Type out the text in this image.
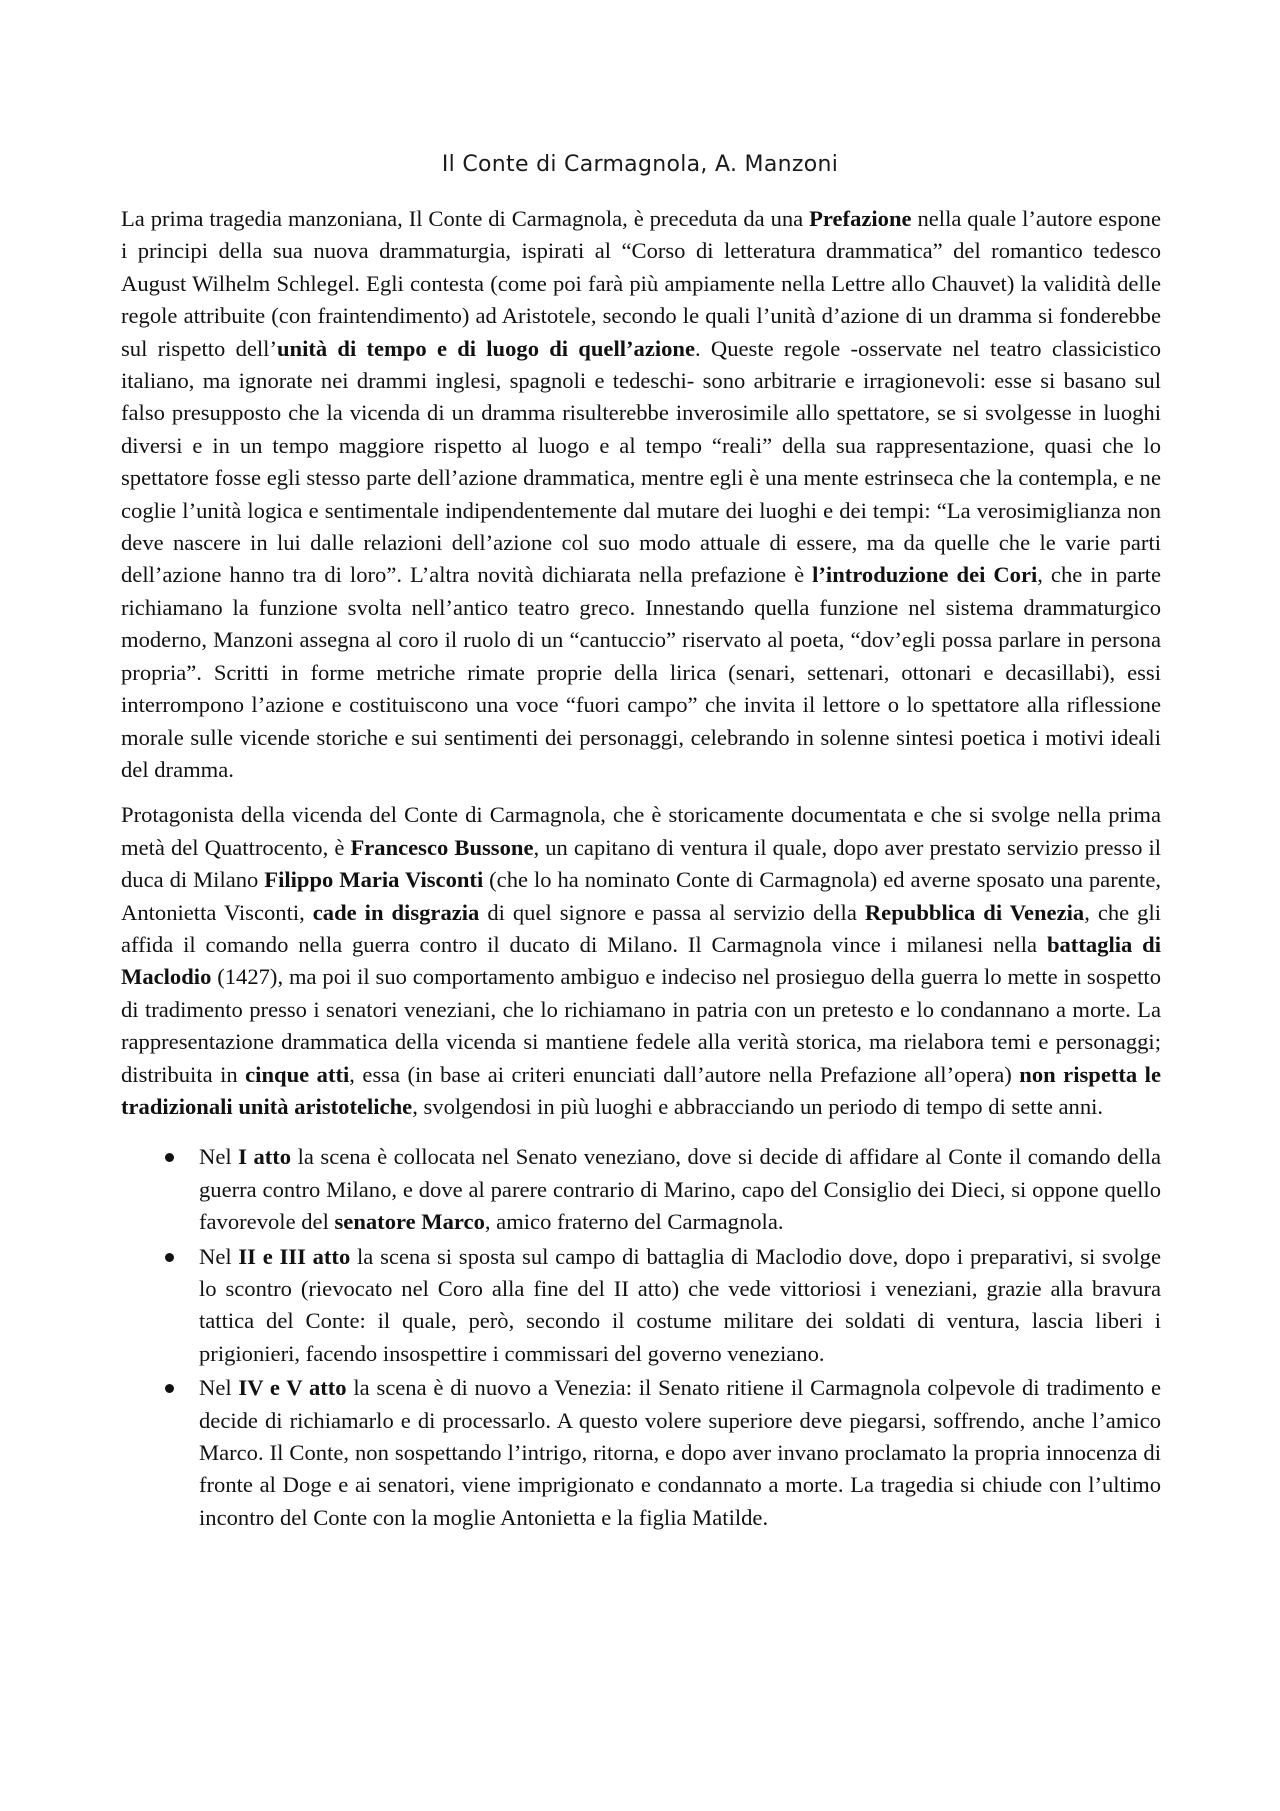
Il Conte di Carmagnola, A. Manzoni

La prima tragedia manzoniana, Il Conte di Carmagnola, è preceduta da una Prefazione nella quale l’autore espone i principi della sua nuova drammaturgia, ispirati al “Corso di letteratura drammatica” del romantico tedesco August Wilhelm Schlegel. Egli contesta (come poi farà più ampiamente nella Lettre allo Chauvet) la validità delle regole attribuite (con fraintendimento) ad Aristotele, secondo le quali l’unità d’azione di un dramma si fonderebbe sul rispetto dell’unità di tempo e di luogo di quell’azione. Queste regole -osservate nel teatro classicistico italiano, ma ignorate nei drammi inglesi, spagnoli e tedeschi- sono arbitrarie e irragionevoli: esse si basano sul falso presupposto che la vicenda di un dramma risulterebbe inverosimile allo spettatore, se si svolgesse in luoghi diversi e in un tempo maggiore rispetto al luogo e al tempo “reali” della sua rappresentazione, quasi che lo spettatore fosse egli stesso parte dell’azione drammatica, mentre egli è una mente estrinseca che la contempla, e ne coglie l’unità logica e sentimentale indipendentemente dal mutare dei luoghi e dei tempi: “La verosimiglianza non deve nascere in lui dalle relazioni dell’azione col suo modo attuale di essere, ma da quelle che le varie parti dell’azione hanno tra di loro”. L’altra novità dichiarata nella prefazione è l’introduzione dei Cori, che in parte richiamano la funzione svolta nell’antico teatro greco. Innestando quella funzione nel sistema drammaturgico moderno, Manzoni assegna al coro il ruolo di un “cantuccio” riservato al poeta, “dov’egli possa parlare in persona propria”. Scritti in forme metriche rimate proprie della lirica (senari, settenari, ottonari e decasillabi), essi interrompono l’azione e costituiscono una voce “fuori campo” che invita il lettore o lo spettatore alla riflessione morale sulle vicende storiche e sui sentimenti dei personaggi, celebrando in solenne sintesi poetica i motivi ideali del dramma.

Protagonista della vicenda del Conte di Carmagnola, che è storicamente documentata e che si svolge nella prima metà del Quattrocento, è Francesco Bussone, un capitano di ventura il quale, dopo aver prestato servizio presso il duca di Milano Filippo Maria Visconti (che lo ha nominato Conte di Carmagnola) ed averne sposato una parente, Antonietta Visconti, cade in disgrazia di quel signore e passa al servizio della Repubblica di Venezia, che gli affida il comando nella guerra contro il ducato di Milano. Il Carmagnola vince i milanesi nella battaglia di Maclodio (1427), ma poi il suo comportamento ambiguo e indeciso nel prosieguo della guerra lo mette in sospetto di tradimento presso i senatori veneziani, che lo richiamano in patria con un pretesto e lo condannano a morte. La rappresentazione drammatica della vicenda si mantiene fedele alla verità storica, ma rielabora temi e personaggi; distribuita in cinque atti, essa (in base ai criteri enunciati dall’autore nella Prefazione all’opera) non rispetta le tradizionali unità aristoteliche, svolgendosi in più luoghi e abbracciando un periodo di tempo di sette anni.

Nel I atto la scena è collocata nel Senato veneziano, dove si decide di affidare al Conte il comando della guerra contro Milano, e dove al parere contrario di Marino, capo del Consiglio dei Dieci, si oppone quello favorevole del senatore Marco, amico fraterno del Carmagnola.
Nel II e III atto la scena si sposta sul campo di battaglia di Maclodio dove, dopo i preparativi, si svolge lo scontro (rievocato nel Coro alla fine del II atto) che vede vittoriosi i veneziani, grazie alla bravura tattica del Conte: il quale, però, secondo il costume militare dei soldati di ventura, lascia liberi i prigionieri, facendo insospettire i commissari del governo veneziano.
Nel IV e V atto la scena è di nuovo a Venezia: il Senato ritiene il Carmagnola colpevole di tradimento e decide di richiamarlo e di processarlo. A questo volere superiore deve piegarsi, soffrendo, anche l’amico Marco. Il Conte, non sospettando l’intrigo, ritorna, e dopo aver invano proclamato la propria innocenza di fronte al Doge e ai senatori, viene imprigionato e condannato a morte. La tragedia si chiude con l’ultimo incontro del Conte con la moglie Antonietta e la figlia Matilde.
